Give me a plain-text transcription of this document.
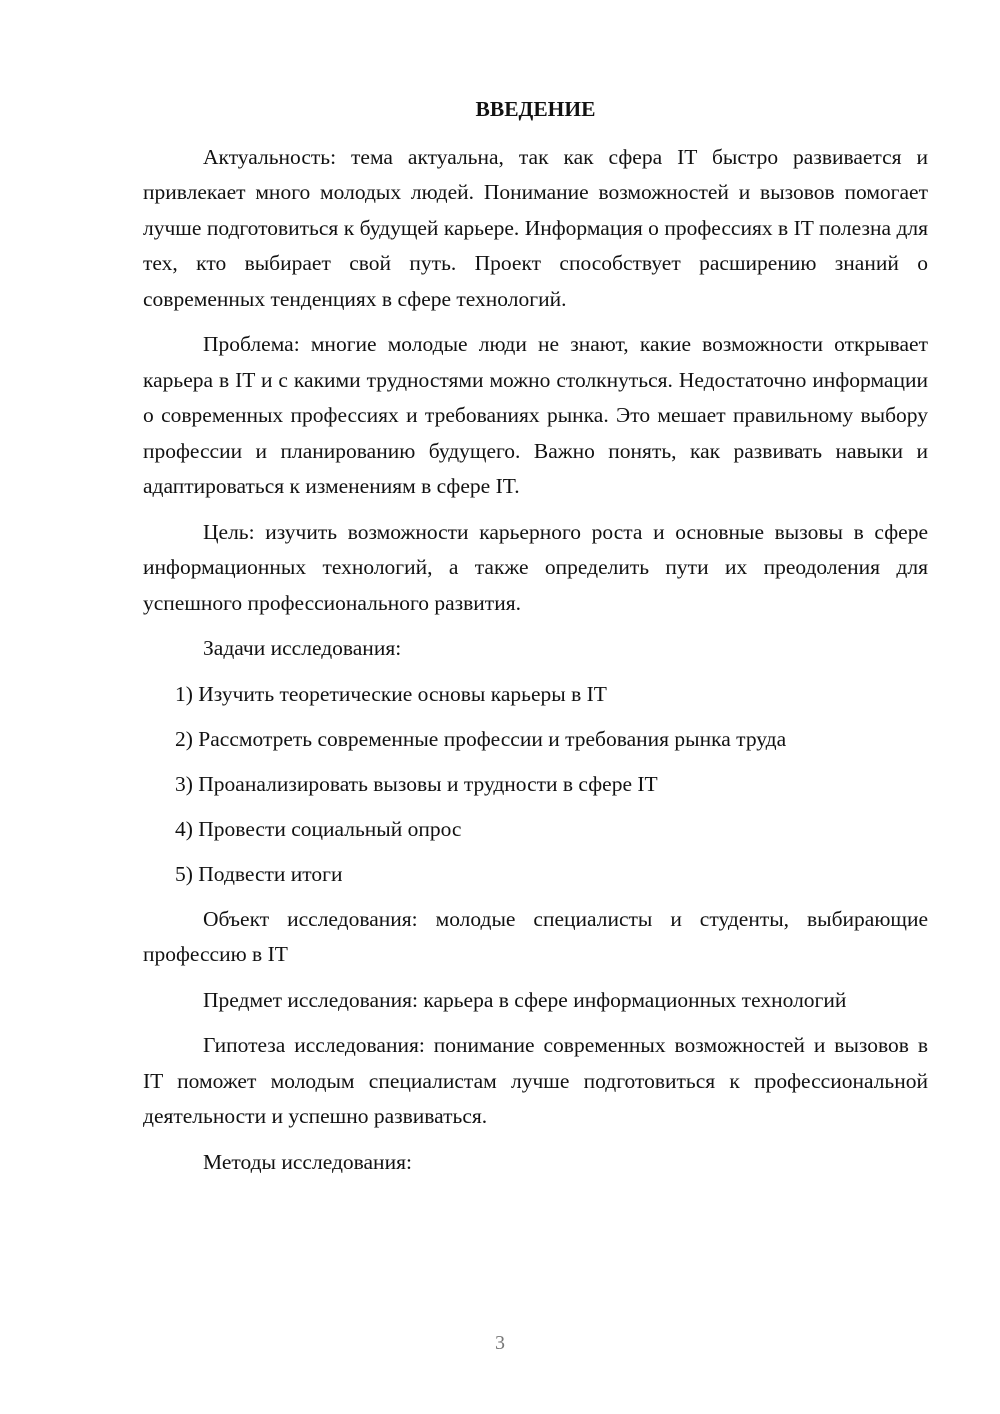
ВВЕДЕНИЕ

Актуальность: тема актуальна, так как сфера IT быстро развивается и привлекает много молодых людей. Понимание возможностей и вызовов помогает лучше подготовиться к будущей карьере. Информация о профессиях в IT полезна для тех, кто выбирает свой путь. Проект способствует расширению знаний о современных тенденциях в сфере технологий.

Проблема: многие молодые люди не знают, какие возможности открывает карьера в IT и с какими трудностями можно столкнуться. Недостаточно информации о современных профессиях и требованиях рынка. Это мешает правильному выбору профессии и планированию будущего. Важно понять, как развивать навыки и адаптироваться к изменениям в сфере IT.

Цель: изучить возможности карьерного роста и основные вызовы в сфере информационных технологий, а также определить пути их преодоления для успешного профессионального развития.

Задачи исследования:
1) Изучить теоретические основы карьеры в IT
2) Рассмотреть современные профессии и требования рынка труда
3) Проанализировать вызовы и трудности в сфере IT
4) Провести социальный опрос
5) Подвести итоги

Объект исследования: молодые специалисты и студенты, выбирающие профессию в IT

Предмет исследования: карьера в сфере информационных технологий

Гипотеза исследования: понимание современных возможностей и вызовов в IT поможет молодым специалистам лучше подготовиться к профессиональной деятельности и успешно развиваться.

Методы исследования:
3
